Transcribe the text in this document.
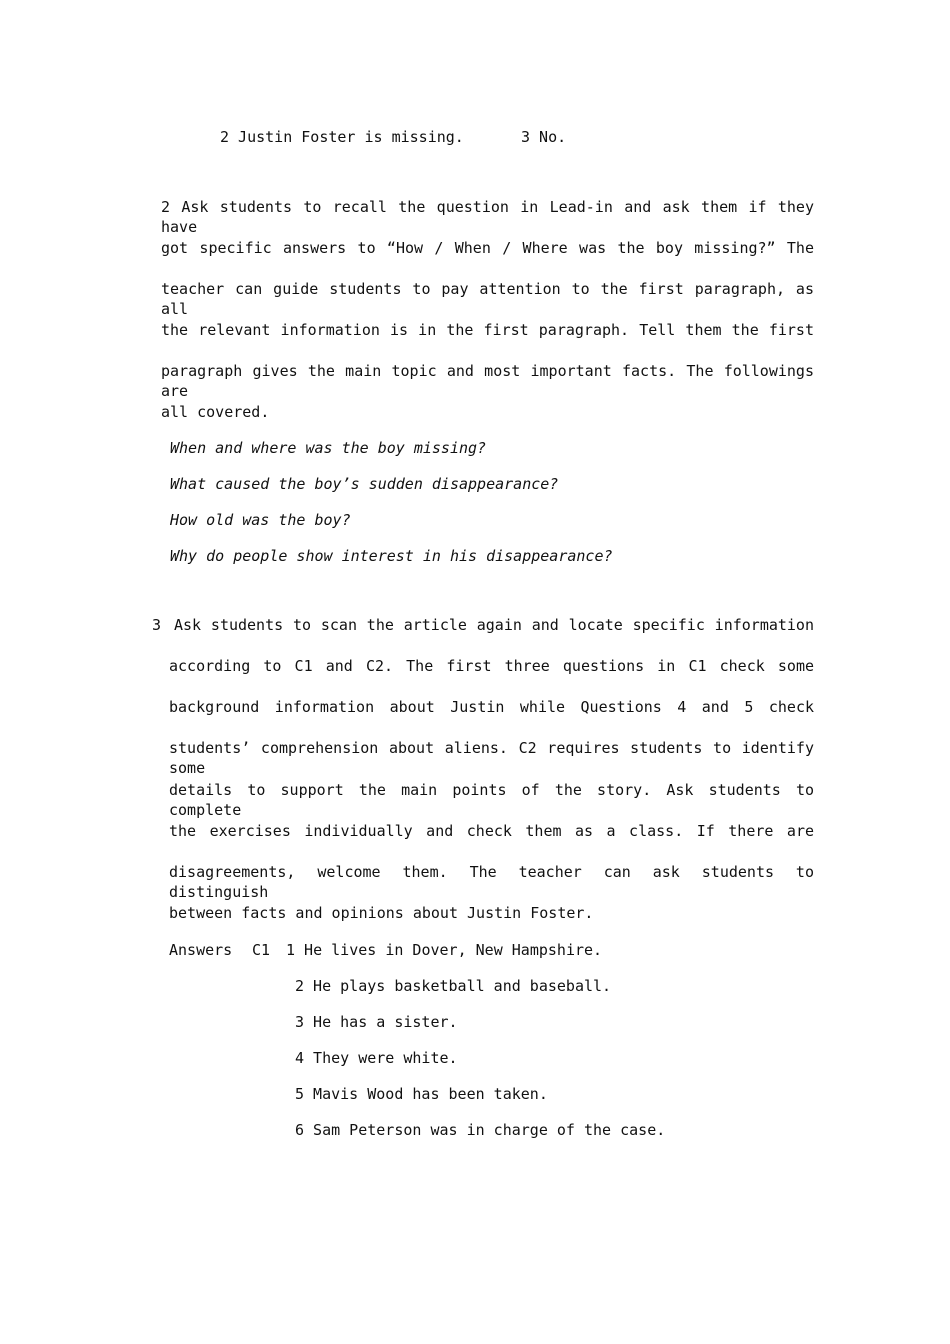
2 Justin Foster is missing.	3 No.
2 Ask students to recall the question in Lead-in and ask them if they have
got specific answers to “How / When / Where was the boy missing?” The
teacher can guide students to pay attention to the first paragraph, as all
the relevant information is in the first paragraph. Tell them the first
paragraph gives the main topic and most important facts. The followings are
all covered.
When and where was the boy missing?
What caused the boy’s sudden disappearance?
How old was the boy?
Why do people show interest in his disappearance?
3 Ask students to scan the article again and locate specific information
according to C1 and C2. The first three questions in C1 check some
background information about Justin while Questions 4 and 5 check
students’ comprehension about aliens. C2 requires students to identify some
details to support the main points of the story. Ask students to complete
the exercises individually and check them as a class. If there are
disagreements, welcome them. The teacher can ask students to distinguish
between facts and opinions about Justin Foster.
Answers C1 1 He lives in Dover, New Hampshire.
2 He plays basketball and baseball.
3 He has a sister.
4 They were white.
5 Mavis Wood has been taken.
6 Sam Peterson was in charge of the case.
